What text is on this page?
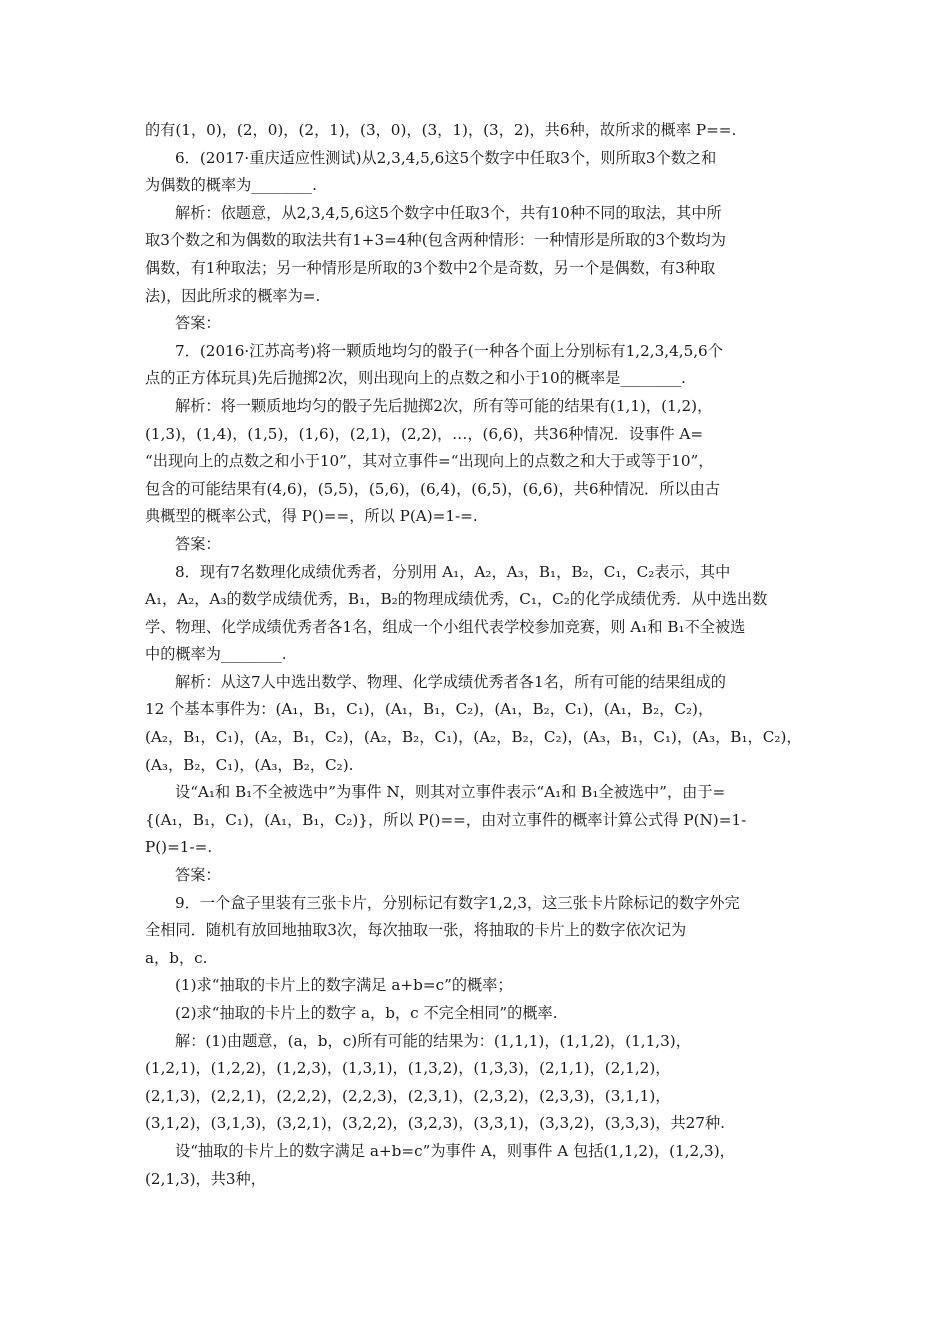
的有(1，0)，(2，0)，(2，1)，(3，0)，(3，1)，(3，2)，共6种，故所求的概率 P==.
6．(2017·重庆适应性测试)从2,3,4,5,6这5个数字中任取3个，则所取3个数之和
为偶数的概率为________.
解析：依题意，从2,3,4,5,6这5个数字中任取3个，共有10种不同的取法，其中所
取3个数之和为偶数的取法共有1+3=4种(包含两种情形：一种情形是所取的3个数均为
偶数，有1种取法；另一种情形是所取的3个数中2个是奇数，另一个是偶数，有3种取
法)，因此所求的概率为=.
答案：
7．(2016·江苏高考)将一颗质地均匀的骰子(一种各个面上分别标有1,2,3,4,5,6个
点的正方体玩具)先后抛掷2次，则出现向上的点数之和小于10的概率是________.
解析：将一颗质地均匀的骰子先后抛掷2次，所有等可能的结果有(1,1)，(1,2)，
(1,3)，(1,4)，(1,5)，(1,6)，(2,1)，(2,2)，…，(6,6)，共36种情况．设事件 A=
“出现向上的点数之和小于10”，其对立事件=“出现向上的点数之和大于或等于10”，
包含的可能结果有(4,6)，(5,5)，(5,6)，(6,4)，(6,5)，(6,6)，共6种情况．所以由古
典概型的概率公式，得 P()==，所以 P(A)=1-=.
答案：
8．现有7名数理化成绩优秀者，分别用 A₁，A₂，A₃，B₁，B₂，C₁，C₂表示，其中
A₁，A₂，A₃的数学成绩优秀，B₁，B₂的物理成绩优秀，C₁，C₂的化学成绩优秀．从中选出数
学、物理、化学成绩优秀者各1名，组成一个小组代表学校参加竞赛，则 A₁和 B₁不全被选
中的概率为________.
解析：从这7人中选出数学、物理、化学成绩优秀者各1名，所有可能的结果组成的
12 个基本事件为：(A₁，B₁，C₁)，(A₁，B₁，C₂)，(A₁，B₂，C₁)，(A₁，B₂，C₂)，
(A₂，B₁，C₁)，(A₂，B₁，C₂)，(A₂，B₂，C₁)，(A₂，B₂，C₂)，(A₃，B₁，C₁)，(A₃，B₁，C₂)，
(A₃，B₂，C₁)，(A₃，B₂，C₂).
设“A₁和 B₁不全被选中”为事件 N，则其对立事件表示“A₁和 B₁全被选中”，由于=
{(A₁，B₁，C₁)，(A₁，B₁，C₂)}，所以 P()==，由对立事件的概率计算公式得 P(N)=1-
P()=1-=.
答案：
9．一个盒子里装有三张卡片，分别标记有数字1,2,3，这三张卡片除标记的数字外完
全相同．随机有放回地抽取3次，每次抽取一张，将抽取的卡片上的数字依次记为
a，b，c.
(1)求“抽取的卡片上的数字满足 a+b=c”的概率；
(2)求“抽取的卡片上的数字 a，b，c 不完全相同”的概率.
解：(1)由题意，(a，b，c)所有可能的结果为：(1,1,1)，(1,1,2)，(1,1,3)，
(1,2,1)，(1,2,2)，(1,2,3)，(1,3,1)，(1,3,2)，(1,3,3)，(2,1,1)，(2,1,2)，
(2,1,3)，(2,2,1)，(2,2,2)，(2,2,3)，(2,3,1)，(2,3,2)，(2,3,3)，(3,1,1)，
(3,1,2)，(3,1,3)，(3,2,1)，(3,2,2)，(3,2,3)，(3,3,1)，(3,3,2)，(3,3,3)，共27种.
设“抽取的卡片上的数字满足 a+b=c”为事件 A，则事件 A 包括(1,1,2)，(1,2,3)，
(2,1,3)，共3种，
